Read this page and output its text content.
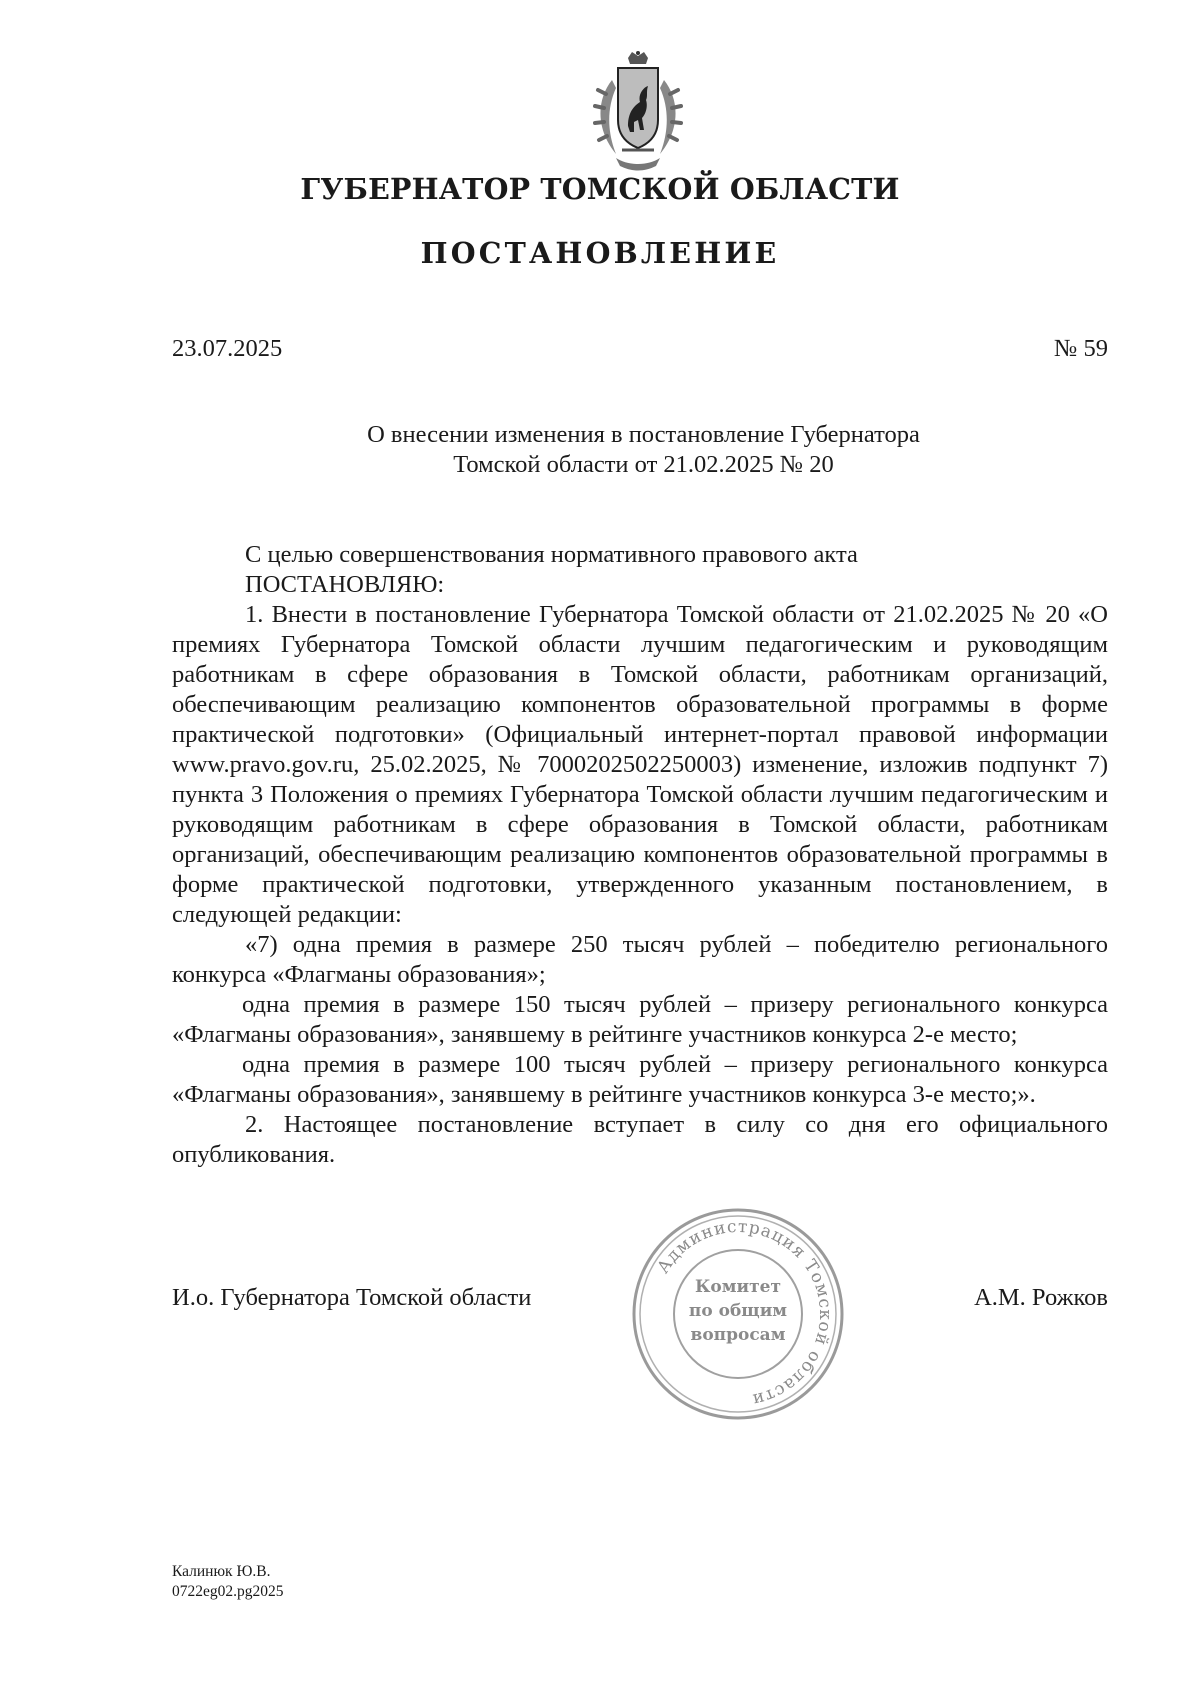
ГУБЕРНАТОР ТОМСКОЙ ОБЛАСТИ
ПОСТАНОВЛЕНИЕ
23.07.2025	№ 59
О внесении изменения в постановление Губернатора
Томской области от 21.02.2025 № 20

С целью совершенствования нормативного правового акта

ПОСТАНОВЛЯЮ:

1. Внести в постановление Губернатора Томской области от 21.02.2025 № 20 «О премиях Губернатора Томской области лучшим педагогическим и руководящим работникам в сфере образования в Томской области, работникам организаций, обеспечивающим реализацию компонентов образовательной программы в форме практической подготовки» (Официальный интернет-портал правовой информации www.pravo.gov.ru, 25.02.2025, № 7000202502250003) изменение, изложив подпункт 7) пункта 3 Положения о премиях Губернатора Томской области лучшим педагогическим и руководящим работникам в сфере образования в Томской области, работникам организаций, обеспечивающим реализацию компонентов образовательной программы в форме практической подготовки, утвержденного указанным постановлением, в следующей редакции:

«7) одна премия в размере 250 тысяч рублей – победителю регионального конкурса «Флагманы образования»;

одна премия в размере 150 тысяч рублей – призеру регионального конкурса «Флагманы образования», занявшему в рейтинге участников конкурса 2-е место;

одна премия в размере 100 тысяч рублей – призеру регионального конкурса «Флагманы образования», занявшему в рейтинге участников конкурса 3-е место;».

2. Настоящее постановление вступает в силу со дня его официального опубликования.

И.о. Губернатора Томской области	А.М. Рожков
Администрация Томской области
Комитет
по общим
вопросам
Калинюк Ю.В.
0722eg02.pg2025
